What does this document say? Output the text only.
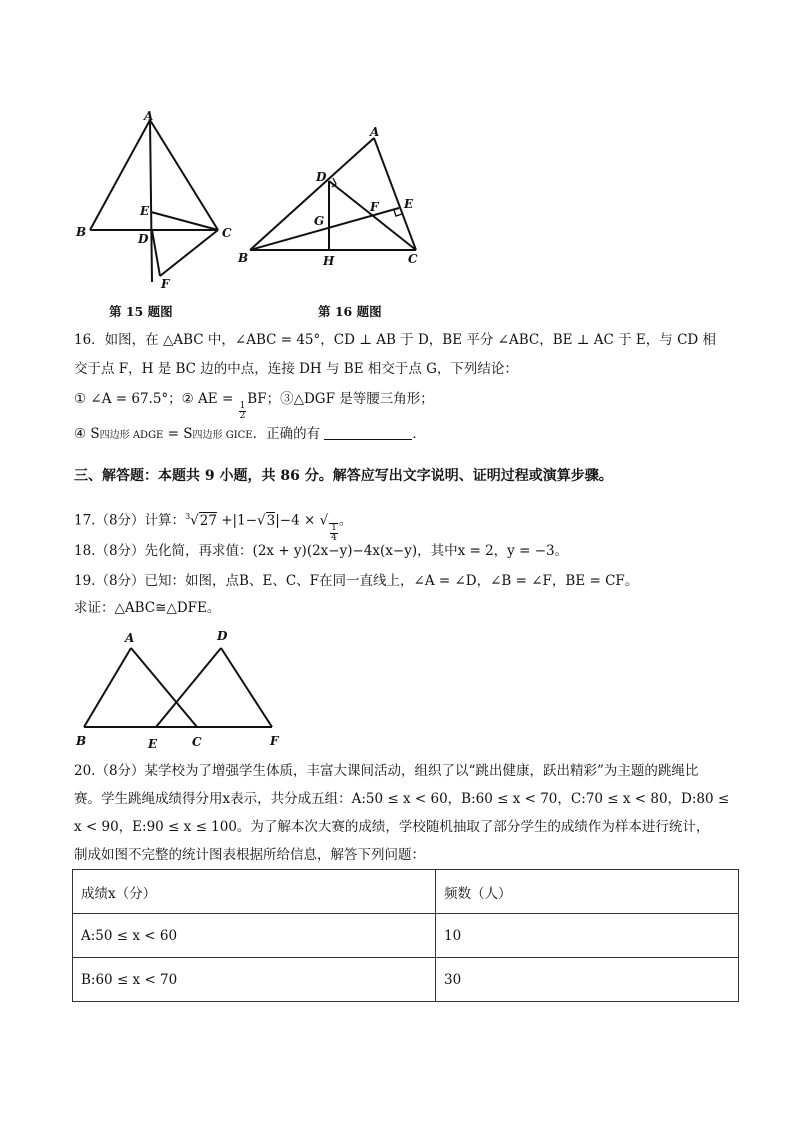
A
B	C
D
E
F
第 15 题图
A
B	C
D
E
F
G
H
第 16 题图
16．如图，在 △ABC 中，∠ABC = 45°，CD ⊥ AB 于 D，BE 平分 ∠ABC，BE ⊥ AC 于 E，与 CD 相
交于点 F，H 是 BC 边的中点，连接 DH 与 BE 相交于点 G，下列结论：
① ∠A = 67.5°；② AE =
$\frac{1}{2}$
BF；③△DGF 是等腰三角形；
④ S四边形 ADGE = S四边形 GICE．正确的有	．
三、解答题：本题共 9 小题，共 86 分。解答应写出文字说明、证明过程或演算步骤。
17.（8分）计算：$^3$√27 +|1−√3|−4 × √
$\frac{1}{4}$
。
18.（8分）先化简，再求值：(2x + y)(2x−y)−4x(x−y)，其中x = 2，y = −3。
19.（8分）已知：如图，点B、E、C、F在同一直线上，∠A = ∠D，∠B = ∠F，BE = CF。
求证：△ABC≅△DFE。
A
B	C
D
E	F
20.（8分）某学校为了增强学生体质，丰富大课间活动，组织了以“跳出健康，跃出精彩”为主题的跳绳比
赛。学生跳绳成绩得分用x表示，共分成五组：A:50 ≤ x < 60，B:60 ≤ x < 70，C:70 ≤ x < 80，D:80 ≤
x < 90，E:90 ≤ x ≤ 100。为了解本次大赛的成绩，学校随机抽取了部分学生的成绩作为样本进行统计，
制成如图不完整的统计图表根据所给信息，解答下列问题：
成绩x（分）	频数（人）
A:50 ≤ x < 60	10
B:60 ≤ x < 70	30
